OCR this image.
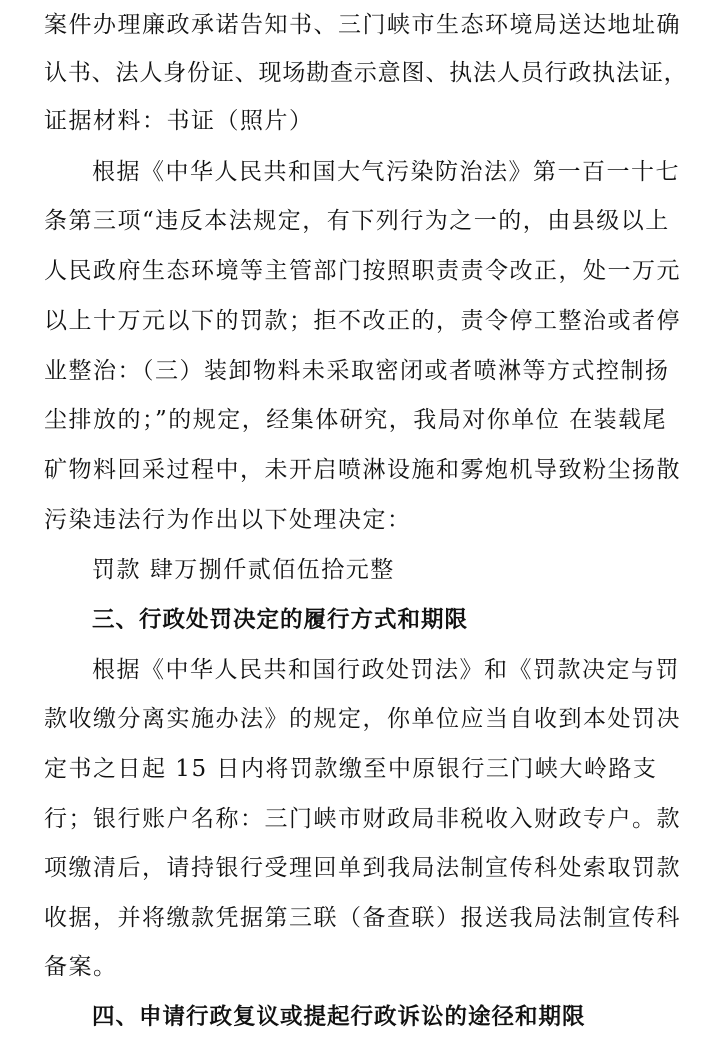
案件办理廉政承诺告知书、三门峡市生态环境局送达地址确
认书、法人身份证、现场勘查示意图、执法人员行政执法证，
证据材料：书证（照片）
根据《中华人民共和国大气污染防治法》第一百一十七
条第三项“违反本法规定，有下列行为之一的，由县级以上
人民政府生态环境等主管部门按照职责责令改正，处一万元
以上十万元以下的罚款；拒不改正的，责令停工整治或者停
业整治：（三）装卸物料未采取密闭或者喷淋等方式控制扬
尘排放的；”的规定，经集体研究，我局对你单位 在装载尾
矿物料回采过程中，未开启喷淋设施和雾炮机导致粉尘扬散
污染违法行为作出以下处理决定：
罚款 肆万捌仟贰佰伍拾元整
三、行政处罚决定的履行方式和期限
根据《中华人民共和国行政处罚法》和《罚款决定与罚
款收缴分离实施办法》的规定，你单位应当自收到本处罚决
定书之日起 15 日内将罚款缴至中原银行三门峡大岭路支
行；银行账户名称：三门峡市财政局非税收入财政专户。款
项缴清后，请持银行受理回单到我局法制宣传科处索取罚款
收据，并将缴款凭据第三联（备查联）报送我局法制宣传科
备案。
四、申请行政复议或提起行政诉讼的途径和期限
